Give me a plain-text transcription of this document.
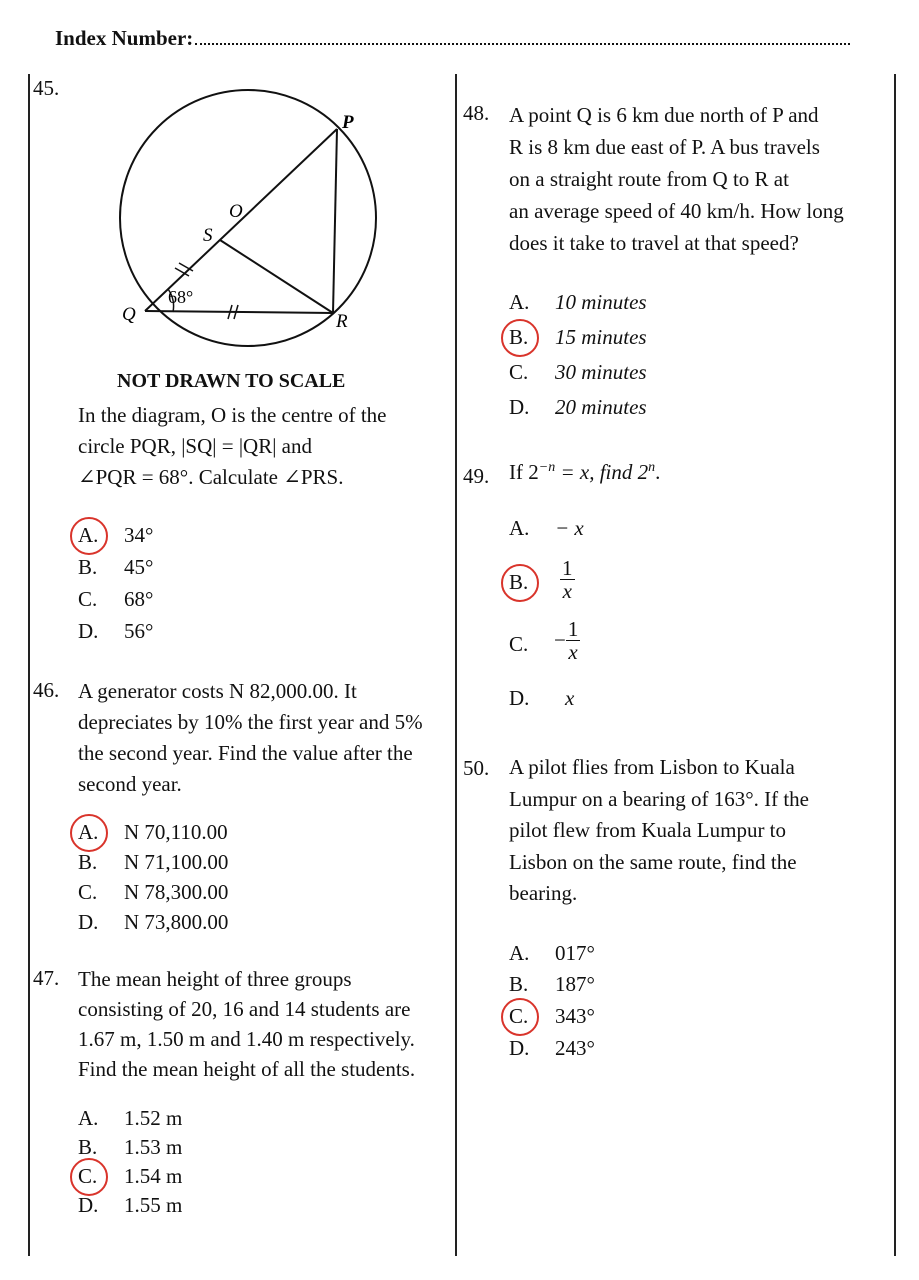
Index Number:
45.
P
O
S
Q	R
68°
NOT DRAWN TO SCALE
In the diagram, O is the centre of the
circle PQR, |SQ| = |QR| and
∠PQR = 68°. Calculate ∠PRS.
A. 34°
B. 45°
C. 68°
D. 56°
46. A generator costs N 82,000.00. It
depreciates by 10% the first year and 5%
the second year. Find the value after the
second year.
A. N 70,110.00
B. N 71,100.00
C. N 78,300.00
D. N 73,800.00
47. The mean height of three groups
consisting of 20, 16 and 14 students are
1.67 m, 1.50 m and 1.40 m respectively.
Find the mean height of all the students.
A. 1.52 m
B. 1.53 m
C. 1.54 m
D. 1.55 m
48. A point Q is 6 km due north of P and
R is 8 km due east of P. A bus travels
on a straight route from Q to R at
an average speed of 40 km/h. How long
does it take to travel at that speed?
A. 10 minutes
B. 15 minutes
C. 30 minutes
D. 20 minutes
49. If $2^{-n} = x$, find 2$^n$.
A. − x
B.	$\frac{1}{x}$
C.	− $\frac{1}{x}$
D. x
50. A pilot flies from Lisbon to Kuala
Lumpur on a bearing of 163°. If the
pilot flew from Kuala Lumpur to
Lisbon on the same route, find the
bearing.
A. 017°
B. 187°
C. 343°
D. 243°
